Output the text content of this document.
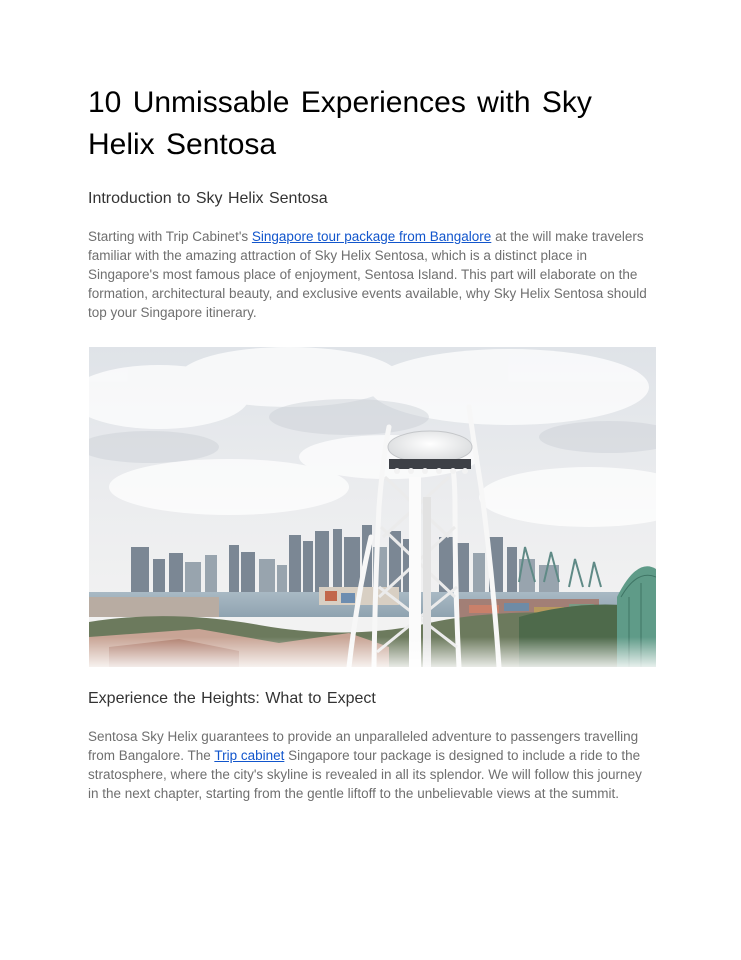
10 Unmissable Experiences with Sky Helix Sentosa
Introduction to Sky Helix Sentosa

Starting with Trip Cabinet's Singapore tour package from Bangalore at the will make travelers familiar with the amazing attraction of Sky Helix Sentosa, which is a distinct place in Singapore's most famous place of enjoyment, Sentosa Island. This part will elaborate on the formation, architectural beauty, and exclusive events available, why Sky Helix Sentosa should top your Singapore itinerary.

Experience the Heights: What to Expect

Sentosa Sky Helix guarantees to provide an unparalleled adventure to passengers travelling from Bangalore. The Trip cabinet Singapore tour package is designed to include a ride to the stratosphere, where the city's skyline is revealed in all its splendor. We will follow this journey in the next chapter, starting from the gentle liftoff to the unbelievable views at the summit.
